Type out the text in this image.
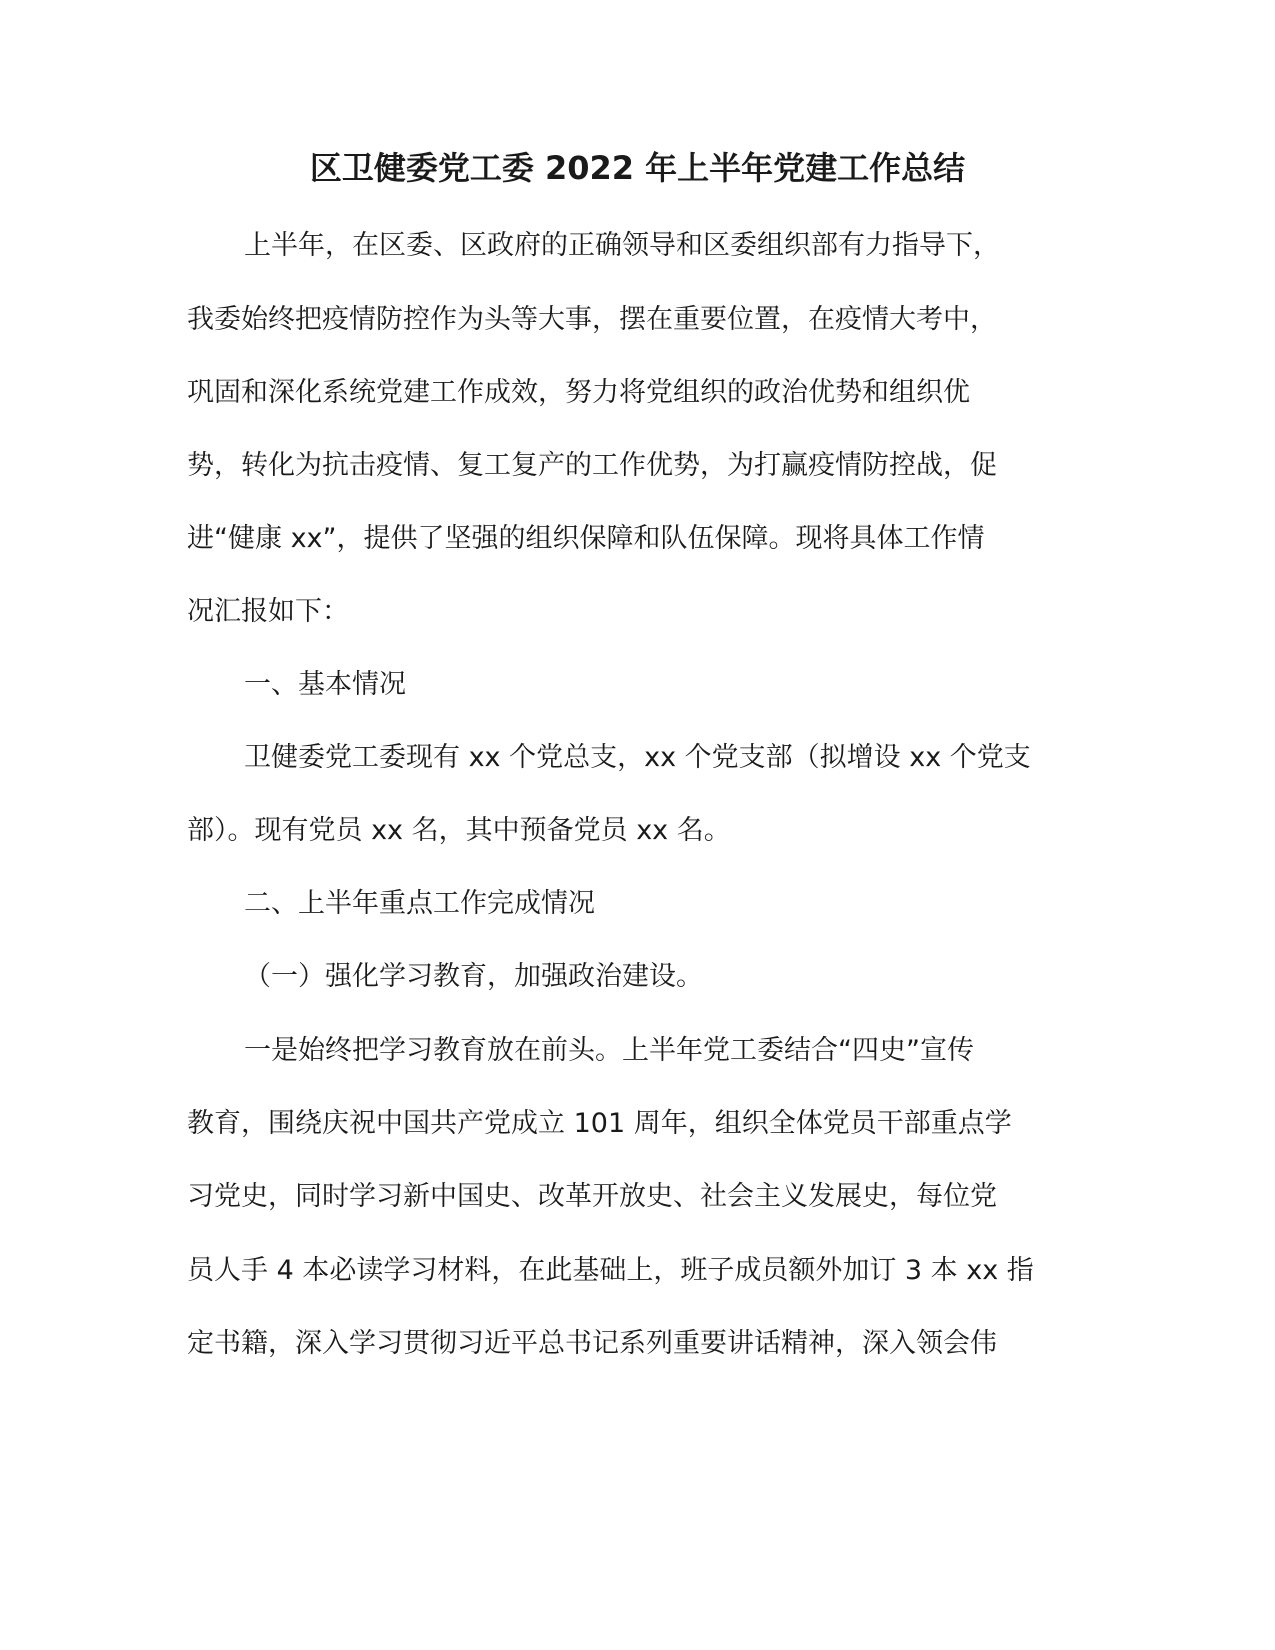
区卫健委党工委 2022 年上半年党建工作总结
上半年，在区委、区政府的正确领导和区委组织部有力指导下，
我委始终把疫情防控作为头等大事，摆在重要位置，在疫情大考中，
巩固和深化系统党建工作成效，努力将党组织的政治优势和组织优
势，转化为抗击疫情、复工复产的工作优势，为打赢疫情防控战，促
进“健康 xx”，提供了坚强的组织保障和队伍保障。现将具体工作情
况汇报如下：
一、基本情况
卫健委党工委现有 xx 个党总支，xx 个党支部（拟增设 xx 个党支
部）。现有党员 xx 名，其中预备党员 xx 名。
二、上半年重点工作完成情况
（一）强化学习教育，加强政治建设。
一是始终把学习教育放在前头。上半年党工委结合“四史”宣传
教育，围绕庆祝中国共产党成立 101 周年，组织全体党员干部重点学
习党史，同时学习新中国史、改革开放史、社会主义发展史，每位党
员人手 4 本必读学习材料，在此基础上，班子成员额外加订 3 本 xx 指
定书籍，深入学习贯彻习近平总书记系列重要讲话精神，深入领会伟
